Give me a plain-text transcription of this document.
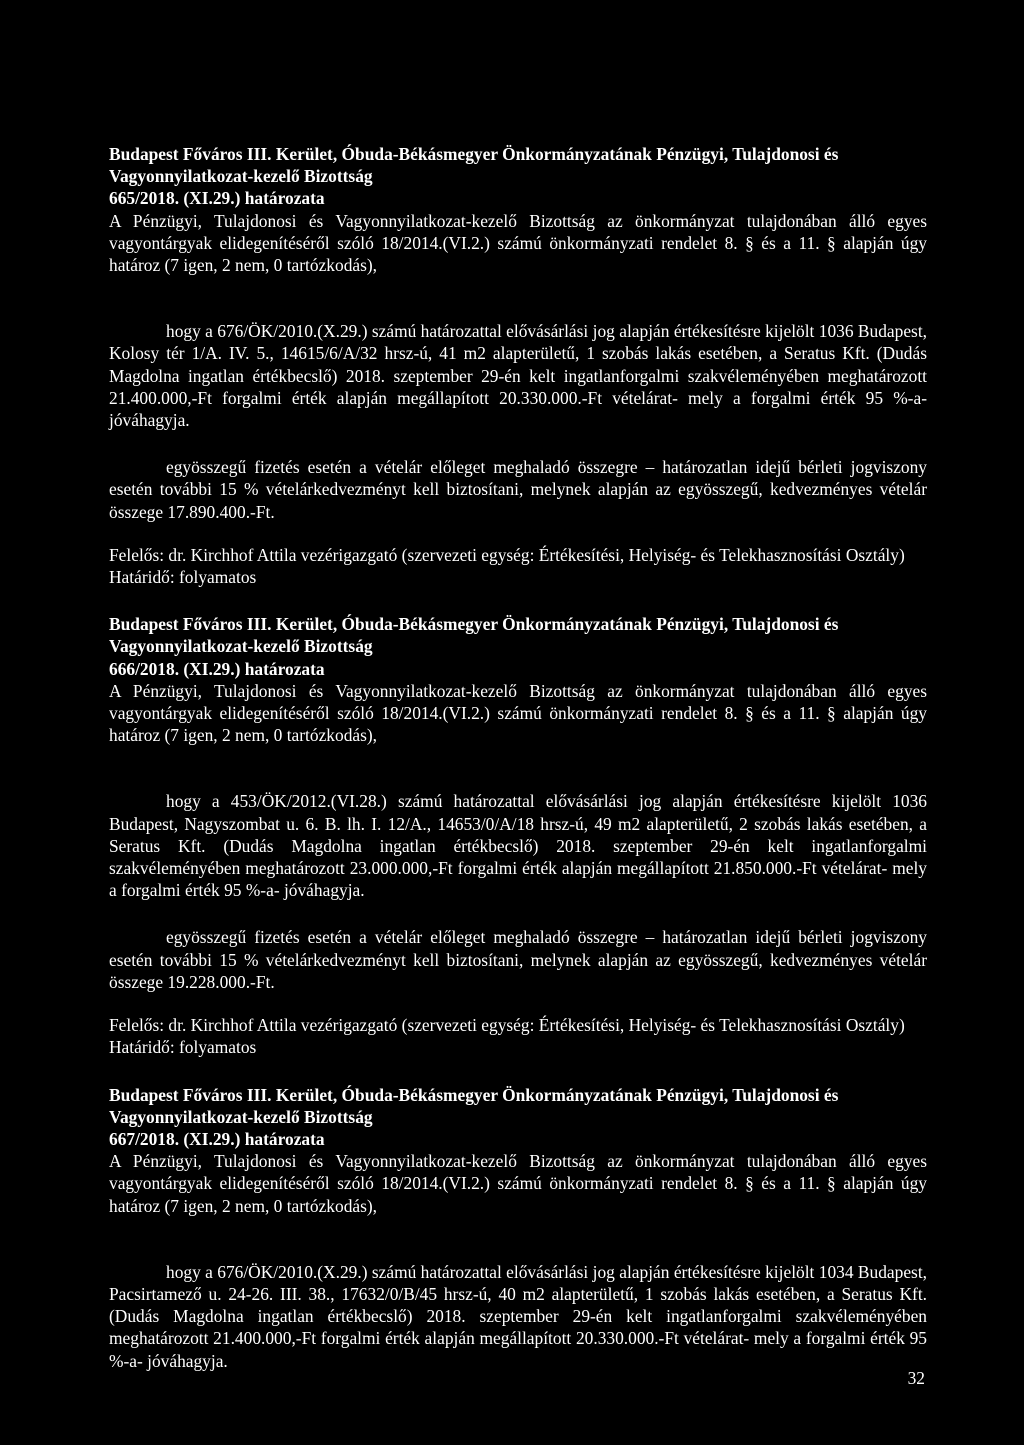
Budapest Főváros III. Kerület, Óbuda-Békásmegyer Önkormányzatának Pénzügyi, Tulajdonosi és
Vagyonnyilatkozat-kezelő Bizottság
665/2018. (XI.29.) határozata
A Pénzügyi, Tulajdonosi és Vagyonnyilatkozat-kezelő Bizottság az önkormányzat tulajdonában álló egyes vagyontárgyak elidegenítéséről szóló 18/2014.(VI.2.) számú önkormányzati rendelet 8. § és a 11. § alapján úgy határoz (7 igen, 2 nem, 0 tartózkodás),
hogy a 676/ÖK/2010.(X.29.) számú határozattal elővásárlási jog alapján értékesítésre kijelölt 1036 Budapest, Kolosy tér 1/A. IV. 5., 14615/6/A/32 hrsz-ú, 41 m2 alapterületű, 1 szobás lakás esetében, a Seratus Kft. (Dudás Magdolna ingatlan értékbecslő) 2018. szeptember 29-én kelt ingatlanforgalmi szakvéleményében meghatározott 21.400.000,-Ft forgalmi érték alapján megállapított 20.330.000.-Ft vételárat- mely a forgalmi érték 95 %-a- jóváhagyja.
egyösszegű fizetés esetén a vételár előleget meghaladó összegre – határozatlan idejű bérleti jogviszony esetén további 15 % vételárkedvezményt kell biztosítani, melynek alapján az egyösszegű, kedvezményes vételár összege 17.890.400.-Ft.
Felelős: dr. Kirchhof Attila vezérigazgató (szervezeti egység: Értékesítési, Helyiség- és Telekhasznosítási Osztály)
Határidő: folyamatos
Budapest Főváros III. Kerület, Óbuda-Békásmegyer Önkormányzatának Pénzügyi, Tulajdonosi és
Vagyonnyilatkozat-kezelő Bizottság
666/2018. (XI.29.) határozata
A Pénzügyi, Tulajdonosi és Vagyonnyilatkozat-kezelő Bizottság az önkormányzat tulajdonában álló egyes vagyontárgyak elidegenítéséről szóló 18/2014.(VI.2.) számú önkormányzati rendelet 8. § és a 11. § alapján úgy határoz (7 igen, 2 nem, 0 tartózkodás),
hogy a 453/ÖK/2012.(VI.28.) számú határozattal elővásárlási jog alapján értékesítésre kijelölt 1036 Budapest, Nagyszombat u. 6. B. lh. I. 12/A., 14653/0/A/18 hrsz-ú, 49 m2 alapterületű, 2 szobás lakás esetében, a Seratus Kft. (Dudás Magdolna ingatlan értékbecslő) 2018. szeptember 29-én kelt ingatlanforgalmi szakvéleményében meghatározott 23.000.000,-Ft forgalmi érték alapján megállapított 21.850.000.-Ft vételárat- mely a forgalmi érték 95 %-a- jóváhagyja.
egyösszegű fizetés esetén a vételár előleget meghaladó összegre – határozatlan idejű bérleti jogviszony esetén további 15 % vételárkedvezményt kell biztosítani, melynek alapján az egyösszegű, kedvezményes vételár összege 19.228.000.-Ft.
Felelős: dr. Kirchhof Attila vezérigazgató (szervezeti egység: Értékesítési, Helyiség- és Telekhasznosítási Osztály)
Határidő: folyamatos
Budapest Főváros III. Kerület, Óbuda-Békásmegyer Önkormányzatának Pénzügyi, Tulajdonosi és
Vagyonnyilatkozat-kezelő Bizottság
667/2018. (XI.29.) határozata
A Pénzügyi, Tulajdonosi és Vagyonnyilatkozat-kezelő Bizottság az önkormányzat tulajdonában álló egyes vagyontárgyak elidegenítéséről szóló 18/2014.(VI.2.) számú önkormányzati rendelet 8. § és a 11. § alapján úgy határoz (7 igen, 2 nem, 0 tartózkodás),
hogy a 676/ÖK/2010.(X.29.) számú határozattal elővásárlási jog alapján értékesítésre kijelölt 1034 Budapest, Pacsirtamező u. 24-26. III. 38., 17632/0/B/45 hrsz-ú, 40 m2 alapterületű, 1 szobás lakás esetében, a Seratus Kft. (Dudás Magdolna ingatlan értékbecslő) 2018. szeptember 29-én kelt ingatlanforgalmi szakvéleményében meghatározott 21.400.000,-Ft forgalmi érték alapján megállapított 20.330.000.-Ft vételárat- mely a forgalmi érték 95 %-a- jóváhagyja.
32
